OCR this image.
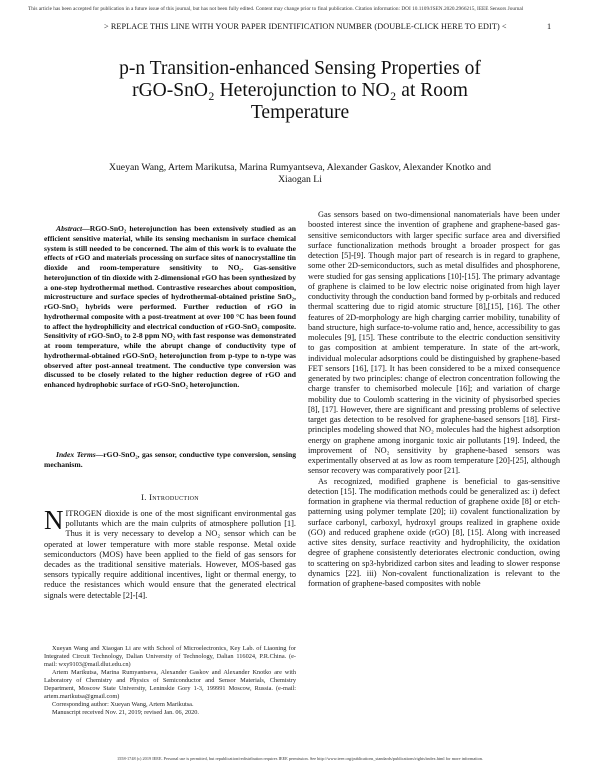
This article has been accepted for publication in a future issue of this journal, but has not been fully edited. Content may change prior to final publication. Citation information: DOI 10.1109/JSEN.2020.2966215, IEEE Sensors Journal
> REPLACE THIS LINE WITH YOUR PAPER IDENTIFICATION NUMBER (DOUBLE-CLICK HERE TO EDIT) <	1
p-n Transition-enhanced Sensing Properties of
rGO-SnO₂ Heterojunction to NO₂ at Room
Temperature
Xueyan Wang, Artem Marikutsa, Marina Rumyantseva, Alexander Gaskov, Alexander Knotko and
Xiaogan Li
Abstract—RGO-SnO₂ heterojunction has been extensively studied as an efficient sensitive material, while its sensing mechanism in surface chemical system is still needed to be concerned. The aim of this work is to evaluate the effects of rGO and materials processing on surface sites of nanocrystalline tin dioxide and room-temperature sensitivity to NO₂. Gas-sensitive heterojunction of tin dioxide with 2-dimensional rGO has been synthesized by a one-step hydrothermal method. Contrastive researches about composition, microstructure and surface species of hydrothermal-obtained pristine SnO₂, rGO-SnO₂ hybrids were performed. Further reduction of rGO in hydrothermal composite with a post-treatment at over 100 °C has been found to affect the hydrophilicity and electrical conduction of rGO-SnO₂ composite. Sensitivity of rGO-SnO₂ to 2-8 ppm NO₂ with fast response was demonstrated at room temperature, while the abrupt change of conductivity type of hydrothermal-obtained rGO-SnO₂ heterojunction from p-type to n-type was observed after post-anneal treatment. The conductive type conversion was discussed to be closely related to the higher reduction degree of rGO and enhanced hydrophobic surface of rGO-SnO₂ heterojunction.
Index Terms—rGO-SnO₂, gas sensor, conductive type conversion, sensing mechanism.
I. Introduction
NITROGEN dioxide is one of the most significant environmental gas pollutants which are the main culprits of atmosphere pollution [1]. Thus it is very necessary to develop a NO₂ sensor which can be operated at lower temperature with more stable response. Metal oxide semiconductors (MOS) have been applied to the field of gas sensors for decades as the traditional sensitive materials. However, MOS-based gas sensors typically require additional incentives, light or thermal energy, to reduce the resistances which would ensure that the generated electrical signals were detectable [2]-[4].

Xueyan Wang and Xiaogan Li are with School of Microelectronics, Key Lab. of Liaoning for Integrated Circuit Technology, Dalian University of Technology, Dalian 116024, P.R.China. (e-mail: wxy9103@mail.dlut.edu.cn)

Artem Marikutsa, Marina Rumyantseva, Alexander Gaskov and Alexander Knotko are with Laboratory of Chemistry and Physics of Semiconductor and Sensor Materials, Chemistry Department, Moscow State University, Leninskie Gory 1-3, 199991 Moscow, Russia. (e-mail: artem.marikutsa@gmail.com)

Corresponding author: Xueyan Wang, Artem Marikutsa.

Manuscript received Nov. 21, 2019; revised Jan. 06, 2020.

Gas sensors based on two-dimensional nanomaterials have been under boosted interest since the invention of graphene and graphene-based gas-sensitive semiconductors with larger specific surface area and diversified surface functionalization methods brought a broader prospect for gas detection [5]-[9]. Though major part of research is in regard to graphene, some other 2D-semiconductors, such as metal disulfides and phosphorene, were studied for gas sensing applications [10]-[15]. The primary advantage of graphene is claimed to be low electric noise originated from high layer conductivity through the conduction band formed by p-orbitals and reduced thermal scattering due to rigid atomic structure [8],[15], [16]. The other features of 2D-morphology are high charging carrier mobility, tunability of band structure, high surface-to-volume ratio and, hence, accessibility to gas molecules [9], [15]. These contribute to the electric conduction sensitivity to gas composition at ambient temperature. In state of the art-work, individual molecular adsorptions could be distinguished by graphene-based FET sensors [16], [17]. It has been considered to be a mixed consequence generated by two principles: change of electron concentration following the charge transfer to chemisorbed molecule [16]; and variation of charge mobility due to Coulomb scattering in the vicinity of physisorbed species [8], [17]. However, there are significant and pressing problems of selective target gas detection to be resolved for graphene-based sensors [18]. First-principles modeling showed that NO₂ molecules had the highest adsorption energy on graphene among inorganic toxic air pollutants [19]. Indeed, the improvement of NO₂ sensitivity by graphene-based sensors was experimentally observed at as low as room temperature [20]-[25], although sensor recovery was comparatively poor [21].

As recognized, modified graphene is beneficial to gas-sensitive detection [15]. The modification methods could be generalized as: i) defect formation in graphene via thermal reduction of graphene oxide [8] or etch-patterning using polymer template [20]; ii) covalent functionalization by surface carbonyl, carboxyl, hydroxyl groups realized in graphene oxide (GO) and reduced graphene oxide (rGO) [8], [15]. Along with increased active sites density, surface reactivity and hydrophilicity, the oxidation degree of graphene consistently deteriorates electronic conduction, owing to scattering on sp3-hybridized carbon sites and leading to slower response dynamics [22]. iii) Non-covalent functionalization is relevant to the formation of graphene-based composites with noble

1558-1748 (c) 2019 IEEE. Personal use is permitted, but republication/redistribution requires IEEE permission. See http://www.ieee.org/publications_standards/publications/rights/index.html for more information.
